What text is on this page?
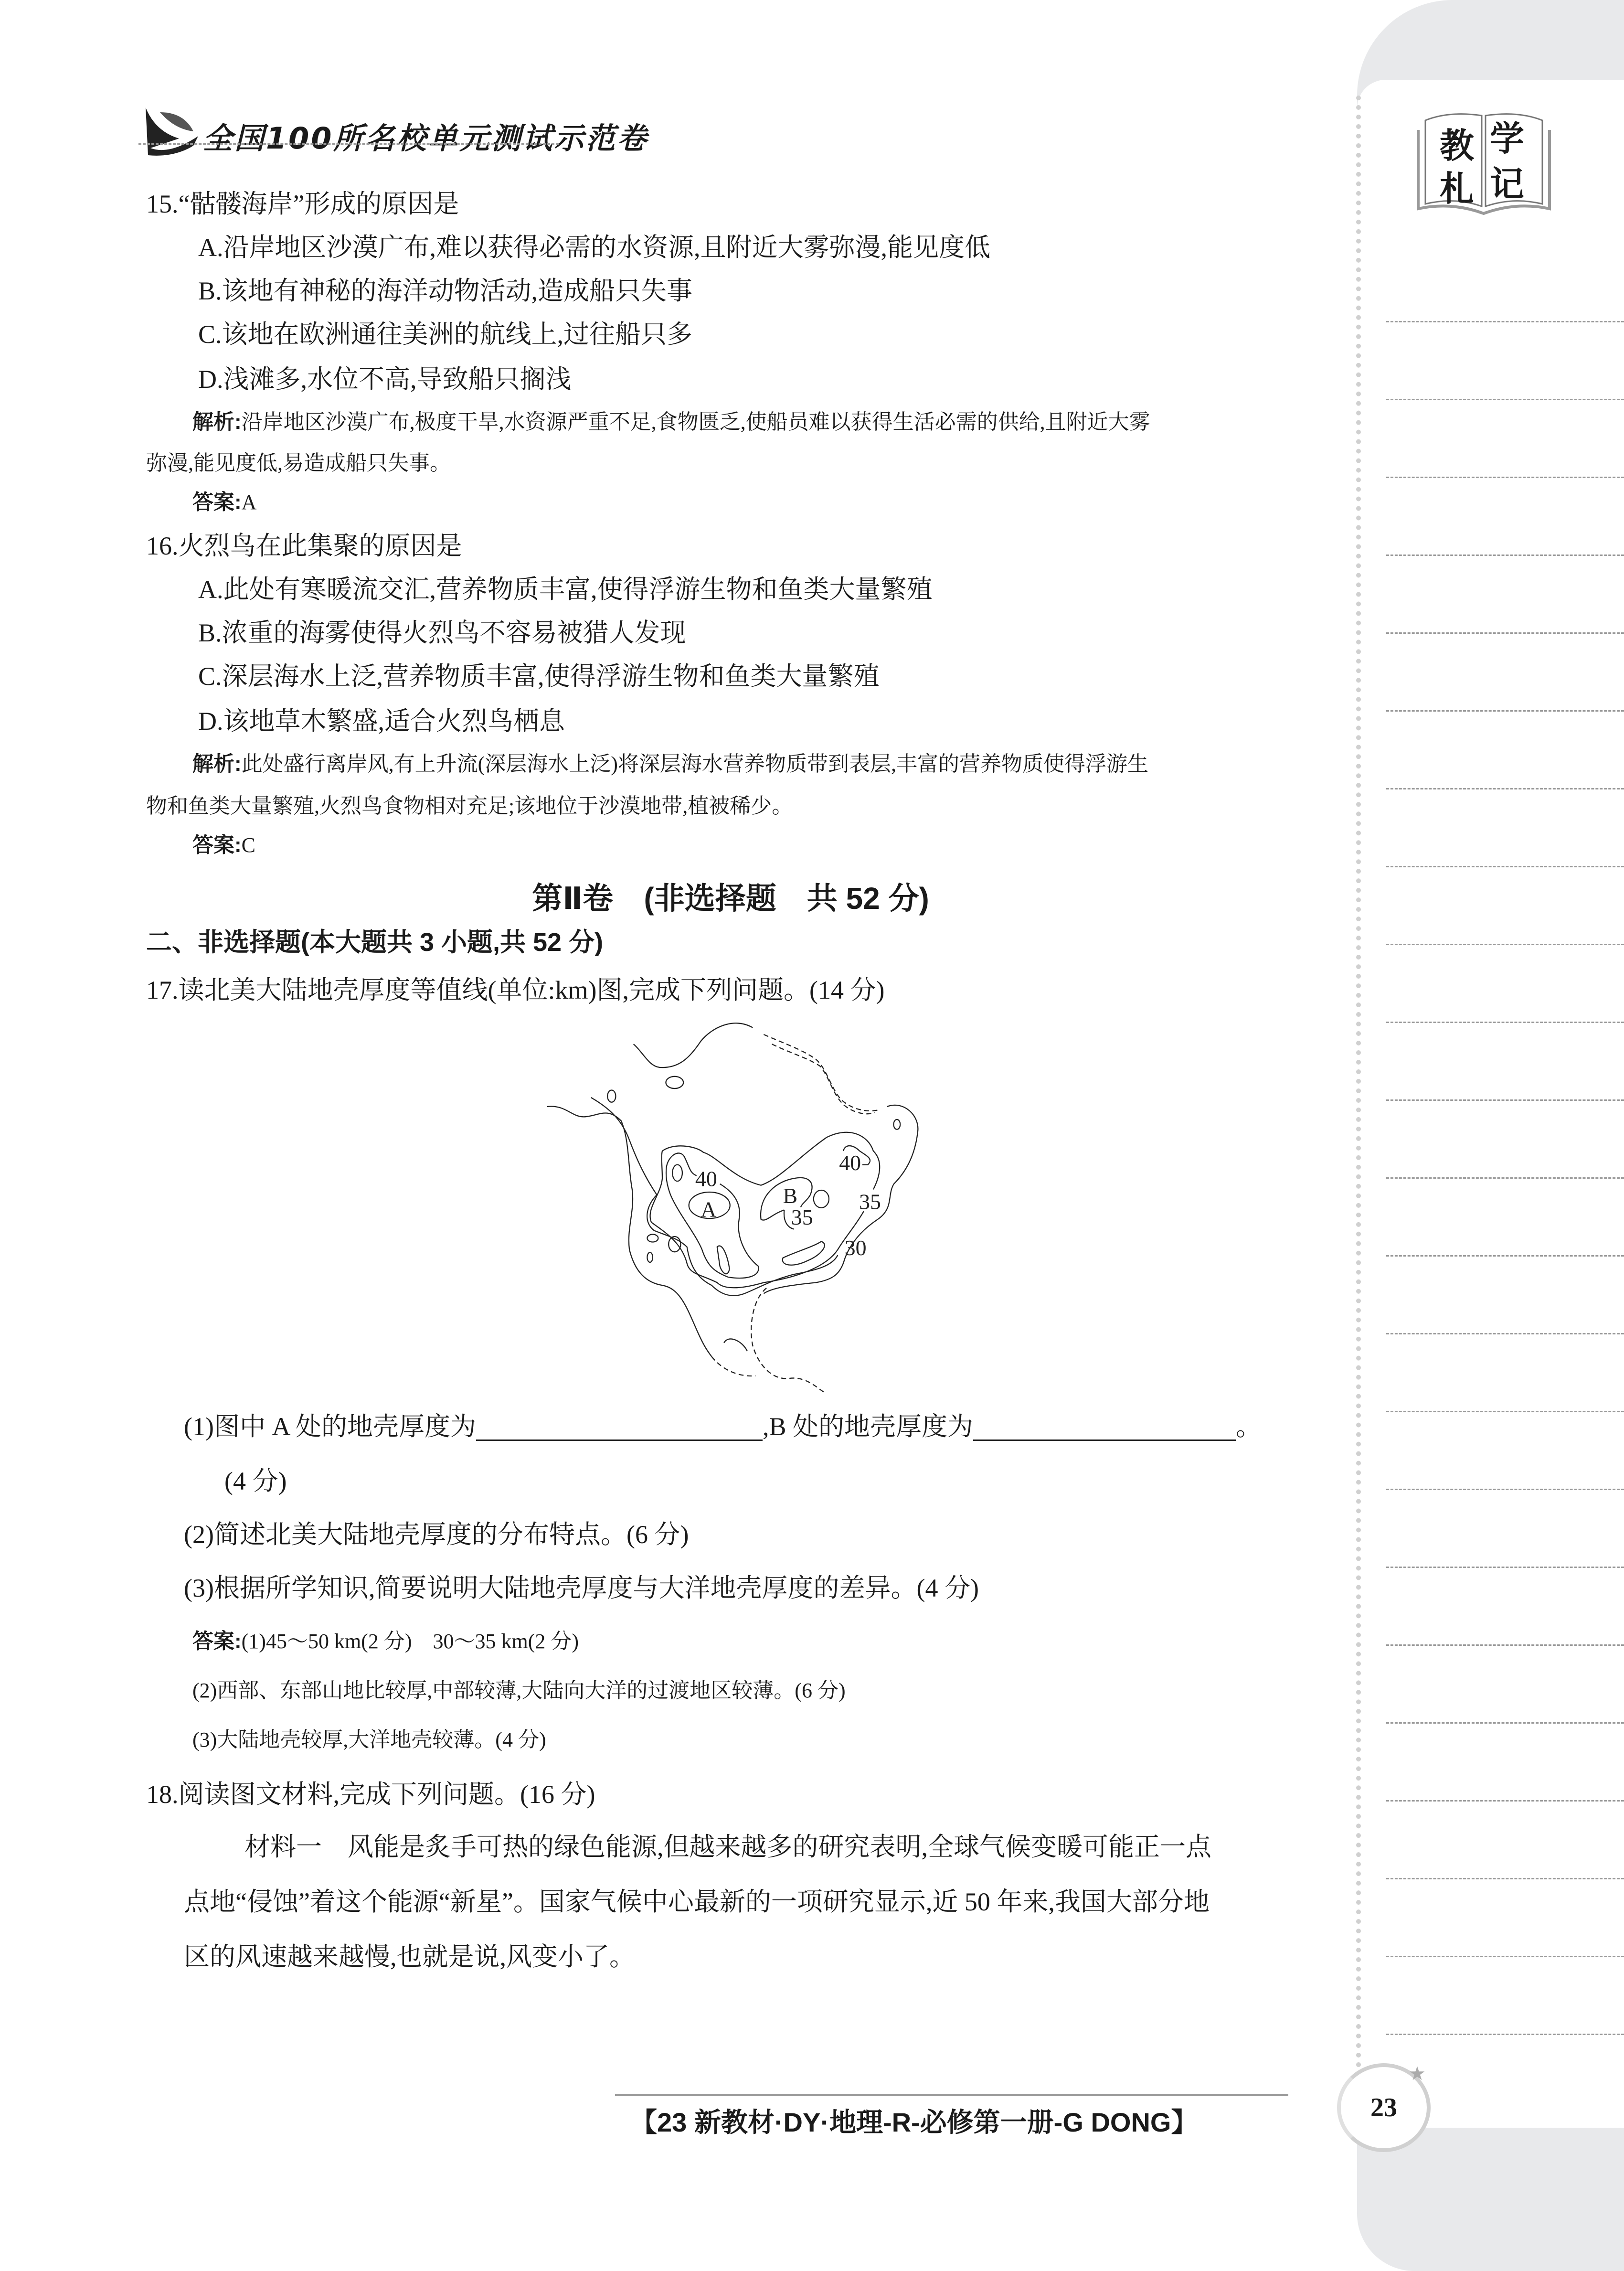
教 学
札 记
全国100所名校单元测试示范卷
15.“骷髅海岸”形成的原因是
A.沿岸地区沙漠广布,难以获得必需的水资源,且附近大雾弥漫,能见度低
B.该地有神秘的海洋动物活动,造成船只失事
C.该地在欧洲通往美洲的航线上,过往船只多
D.浅滩多,水位不高,导致船只搁浅
解析:沿岸地区沙漠广布,极度干旱,水资源严重不足,食物匮乏,使船员难以获得生活必需的供给,且附近大雾
弥漫,能见度低,易造成船只失事。
答案:A
16.火烈鸟在此集聚的原因是
A.此处有寒暖流交汇,营养物质丰富,使得浮游生物和鱼类大量繁殖
B.浓重的海雾使得火烈鸟不容易被猎人发现
C.深层海水上泛,营养物质丰富,使得浮游生物和鱼类大量繁殖
D.该地草木繁盛,适合火烈鸟栖息
解析:此处盛行离岸风,有上升流(深层海水上泛)将深层海水营养物质带到表层,丰富的营养物质使得浮游生
物和鱼类大量繁殖,火烈鸟食物相对充足;该地位于沙漠地带,植被稀少。
答案:C
第Ⅱ卷　(非选择题　共 52 分)
二、非选择题(本大题共 3 小题,共 52 分)
17.读北美大陆地壳厚度等值线(单位:km)图,完成下列问题。(14 分)
40
A
B
35
40
35
30
(1)图中 A 处的地壳厚度为	,B 处的地壳厚度为	。
(4 分)
(2)简述北美大陆地壳厚度的分布特点。(6 分)
(3)根据所学知识,简要说明大陆地壳厚度与大洋地壳厚度的差异。(4 分)
答案:(1)45～50 km(2 分)　30～35 km(2 分)
(2)西部、东部山地比较厚,中部较薄,大陆向大洋的过渡地区较薄。(6 分)
(3)大陆地壳较厚,大洋地壳较薄。(4 分)
18.阅读图文材料,完成下列问题。(16 分)
材料一　风能是炙手可热的绿色能源,但越来越多的研究表明,全球气候变暖可能正一点
点地“侵蚀”着这个能源“新星”。国家气候中心最新的一项研究显示,近 50 年来,我国大部分地
区的风速越来越慢,也就是说,风变小了。
【23 新教材·DY·地理-R-必修第一册-G DONG】	23
★
